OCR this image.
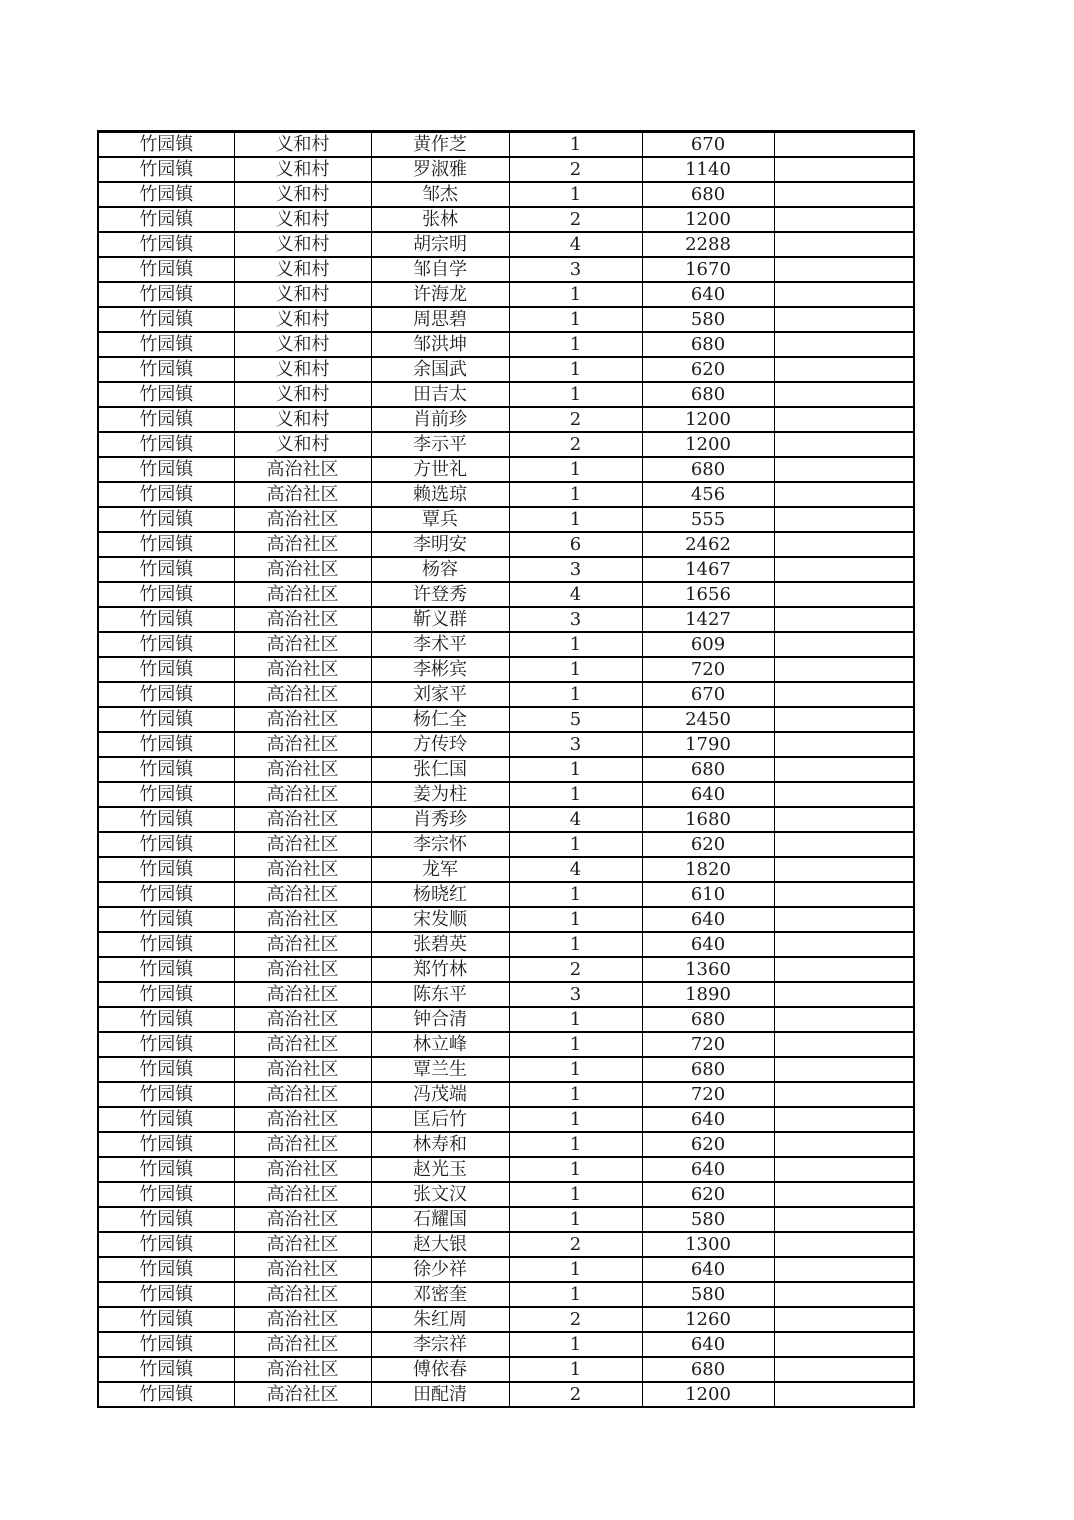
竹园镇	义和村	黄作芝	1	670	
竹园镇	义和村	罗淑雅	2	1140	
竹园镇	义和村	邹杰	1	680	
竹园镇	义和村	张林	2	1200	
竹园镇	义和村	胡宗明	4	2288	
竹园镇	义和村	邹自学	3	1670	
竹园镇	义和村	许海龙	1	640	
竹园镇	义和村	周思碧	1	580	
竹园镇	义和村	邹洪坤	1	680	
竹园镇	义和村	余国武	1	620	
竹园镇	义和村	田吉太	1	680	
竹园镇	义和村	肖前珍	2	1200	
竹园镇	义和村	李示平	2	1200	
竹园镇	高治社区	方世礼	1	680	
竹园镇	高治社区	赖选琼	1	456	
竹园镇	高治社区	覃兵	1	555	
竹园镇	高治社区	李明安	6	2462	
竹园镇	高治社区	杨容	3	1467	
竹园镇	高治社区	许登秀	4	1656	
竹园镇	高治社区	靳义群	3	1427	
竹园镇	高治社区	李术平	1	609	
竹园镇	高治社区	李彬宾	1	720	
竹园镇	高治社区	刘家平	1	670	
竹园镇	高治社区	杨仁全	5	2450	
竹园镇	高治社区	方传玲	3	1790	
竹园镇	高治社区	张仁国	1	680	
竹园镇	高治社区	姜为柱	1	640	
竹园镇	高治社区	肖秀珍	4	1680	
竹园镇	高治社区	李宗怀	1	620	
竹园镇	高治社区	龙军	4	1820	
竹园镇	高治社区	杨晓红	1	610	
竹园镇	高治社区	宋发顺	1	640	
竹园镇	高治社区	张碧英	1	640	
竹园镇	高治社区	郑竹林	2	1360	
竹园镇	高治社区	陈东平	3	1890	
竹园镇	高治社区	钟合清	1	680	
竹园镇	高治社区	林立峰	1	720	
竹园镇	高治社区	覃兰生	1	680	
竹园镇	高治社区	冯茂端	1	720	
竹园镇	高治社区	匡后竹	1	640	
竹园镇	高治社区	林寿和	1	620	
竹园镇	高治社区	赵光玉	1	640	
竹园镇	高治社区	张文汉	1	620	
竹园镇	高治社区	石耀国	1	580	
竹园镇	高治社区	赵大银	2	1300	
竹园镇	高治社区	徐少祥	1	640	
竹园镇	高治社区	邓密奎	1	580	
竹园镇	高治社区	朱红周	2	1260	
竹园镇	高治社区	李宗祥	1	640	
竹园镇	高治社区	傅依春	1	680	
竹园镇	高治社区	田配清	2	1200	
